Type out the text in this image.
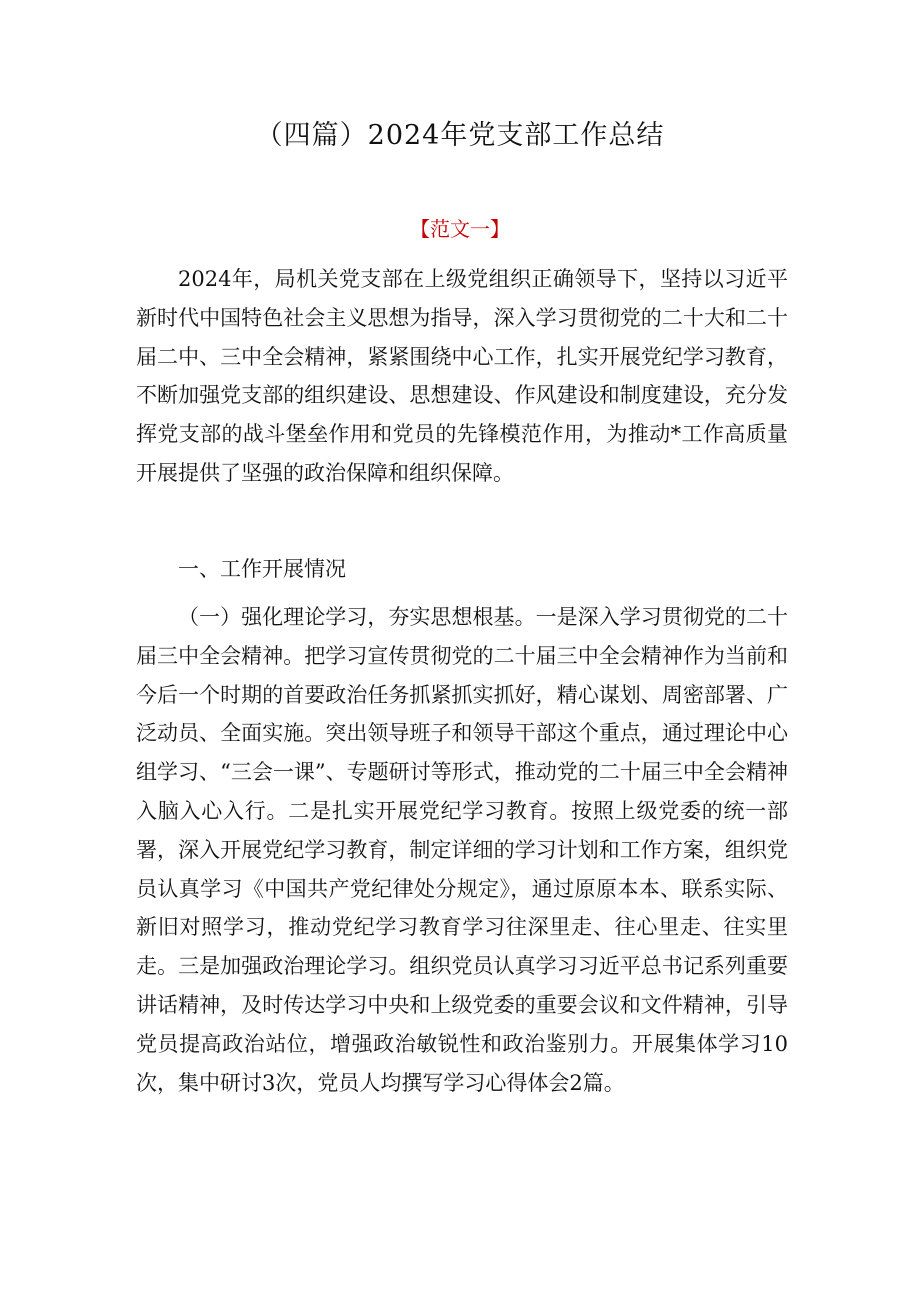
（四篇）2024年党支部工作总结
【范文一】

2024年，局机关党支部在上级党组织正确领导下，坚持以习近平新时代中国特色社会主义思想为指导，深入学习贯彻党的二十大和二十届二中、三中全会精神，紧紧围绕中心工作，扎实开展党纪学习教育，不断加强党支部的组织建设、思想建设、作风建设和制度建设，充分发挥党支部的战斗堡垒作用和党员的先锋模范作用，为推动*工作高质量开展提供了坚强的政治保障和组织保障。

一、工作开展情况

（一）强化理论学习，夯实思想根基。一是深入学习贯彻党的二十届三中全会精神。把学习宣传贯彻党的二十届三中全会精神作为当前和今后一个时期的首要政治任务抓紧抓实抓好，精心谋划、周密部署、广泛动员、全面实施。突出领导班子和领导干部这个重点，通过理论中心组学习、“三会一课”、专题研讨等形式，推动党的二十届三中全会精神入脑入心入行。二是扎实开展党纪学习教育。按照上级党委的统一部署，深入开展党纪学习教育，制定详细的学习计划和工作方案，组织党员认真学习《中国共产党纪律处分规定》，通过原原本本、联系实际、新旧对照学习，推动党纪学习教育学习往深里走、往心里走、往实里走。三是加强政治理论学习。组织党员认真学习习近平总书记系列重要讲话精神，及时传达学习中央和上级党委的重要会议和文件精神，引导党员提高政治站位，增强政治敏锐性和政治鉴别力。开展集体学习10次，集中研讨3次，党员人均撰写学习心得体会2篇。
